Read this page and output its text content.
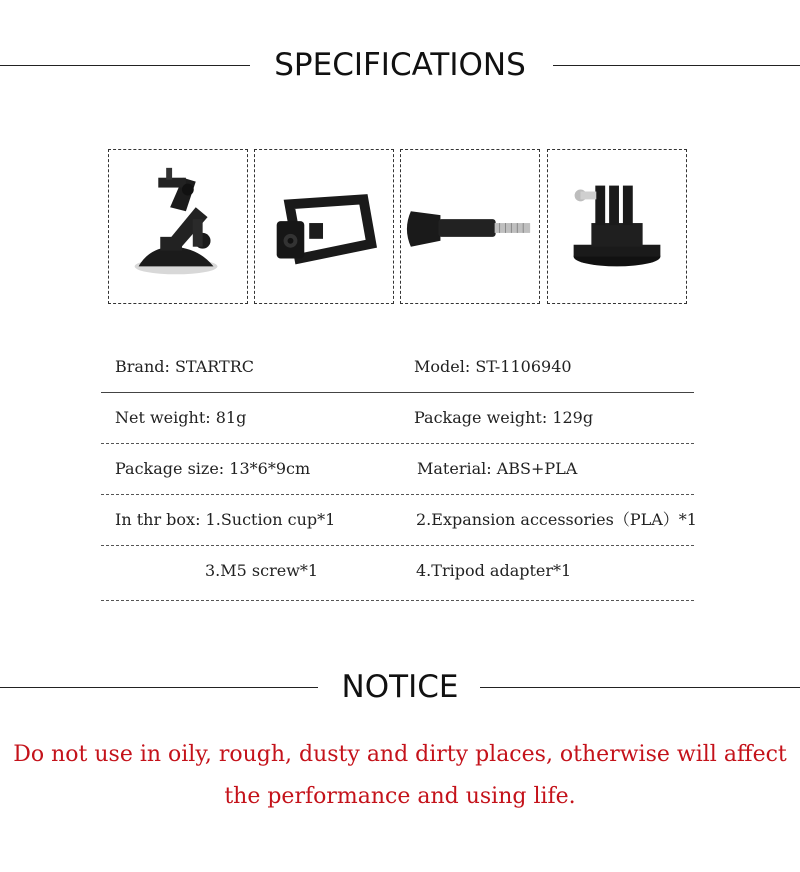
SPECIFICATIONS
Brand: STARTRC	Model: ST-1106940
Net weight: 81g	Package weight: 129g
Package size: 13*6*9cm	Material: ABS+PLA
In thr box: 1.Suction cup*1	2.Expansion accessories（PLA）*1
3.M5 screw*1	4.Tripod adapter*1
NOTICE
Do not use in oily, rough, dusty and dirty places, otherwise will affect
the performance and using life.
